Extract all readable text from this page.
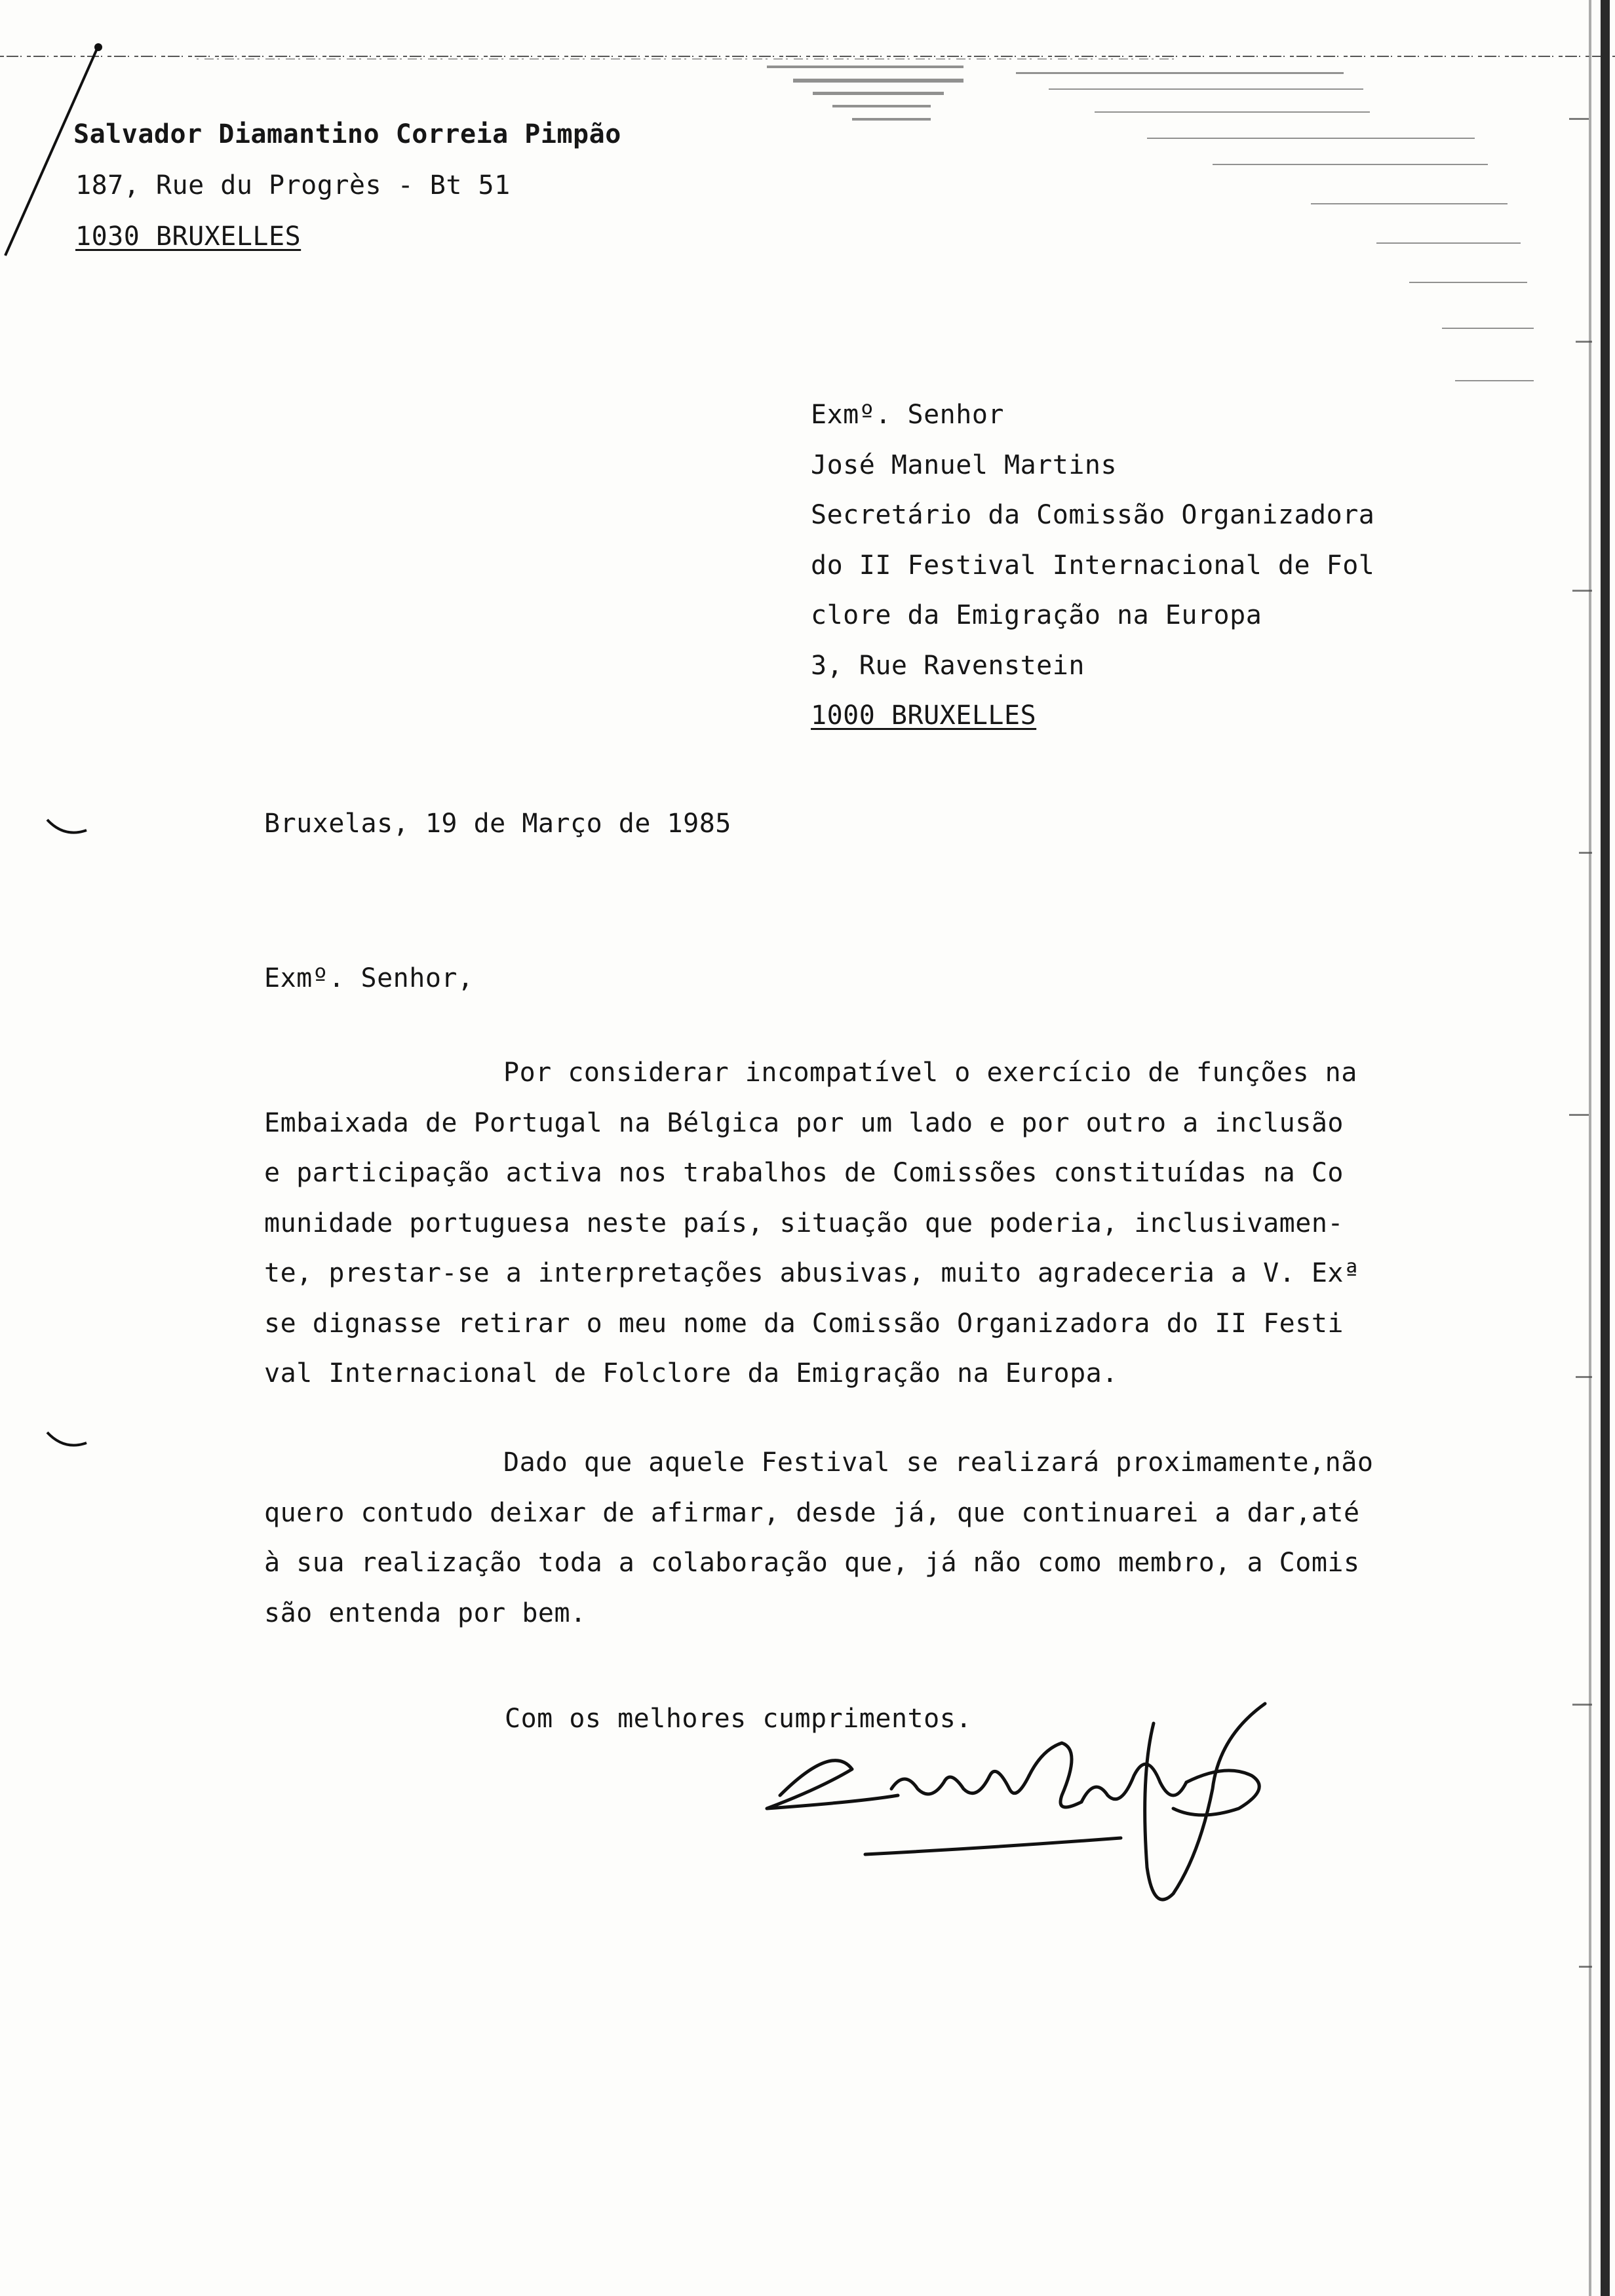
Salvador Diamantino Correia Pimpão
187, Rue du Progrès - Bt 51
1030 BRUXELLES
Exmº. Senhor
José Manuel Martins
Secretário da Comissão Organizadora
do II Festival Internacional de Fol
clore da Emigração na Europa
3, Rue Ravenstein
1000 BRUXELLES
Bruxelas, 19 de Março de 1985
Exmº. Senhor,
Por considerar incompatível o exercício de funções na
Embaixada de Portugal na Bélgica por um lado e por outro a inclusão
e participação activa nos trabalhos de Comissões constituídas na Co
munidade portuguesa neste país, situação que poderia, inclusivamen-
te, prestar-se a interpretações abusivas, muito agradeceria a V. Exª
se dignasse retirar o meu nome da Comissão Organizadora do II Festi
val Internacional de Folclore da Emigração na Europa.
Dado que aquele Festival se realizará proximamente,não
quero contudo deixar de afirmar, desde já, que continuarei a dar,até
à sua realização toda a colaboração que, já não como membro, a Comis
são entenda por bem.
Com os melhores cumprimentos.
